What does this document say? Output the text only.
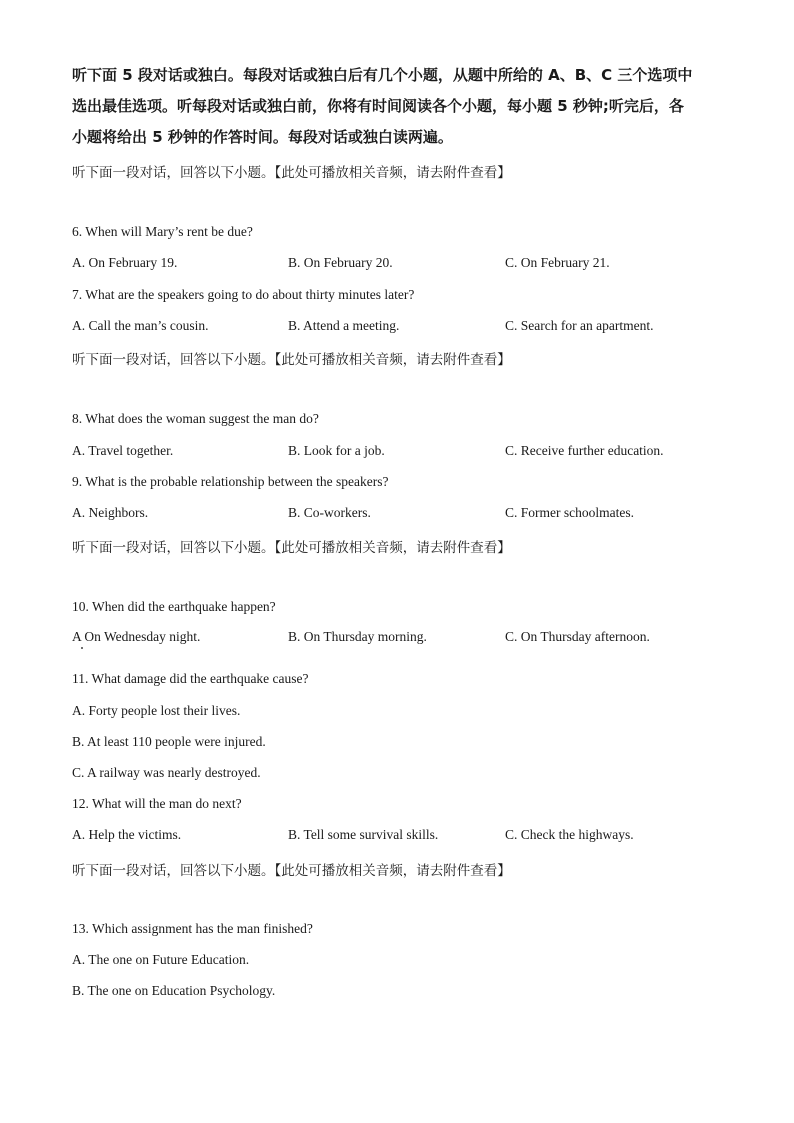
听下面 5 段对话或独白。每段对话或独白后有几个小题，从题中所给的 A、B、C 三个选项中
选出最佳选项。听每段对话或独白前，你将有时间阅读各个小题，每小题 5 秒钟;听完后，各
小题将给出 5 秒钟的作答时间。每段对话或独白读两遍。

听下面一段对话，回答以下小题。【此处可播放相关音频，请去附件查看】
6. When will Mary’s rent be due?
A. On February 19.	B. On February 20.	C. On February 21.
7. What are the speakers going to do about thirty minutes later?
A. Call the man’s cousin.	B. Attend a meeting.	C. Search for an apartment.
听下面一段对话，回答以下小题。【此处可播放相关音频，请去附件查看】
8. What does the woman suggest the man do?
A. Travel together.	B. Look for a job.	C. Receive further education.
9. What is the probable relationship between the speakers?
A. Neighbors.	B. Co-workers.	C. Former schoolmates.
听下面一段对话，回答以下小题。【此处可播放相关音频，请去附件查看】
10. When did the earthquake happen?
A On Wednesday night.	B. On Thursday morning.	C. On Thursday afternoon.
11. What damage did the earthquake cause?
A. Forty people lost their lives.
B. At least 110 people were injured.
C. A railway was nearly destroyed.
12. What will the man do next?
A. Help the victims.	B. Tell some survival skills.	C. Check the highways.
听下面一段对话，回答以下小题。【此处可播放相关音频，请去附件查看】
13. Which assignment has the man finished?
A. The one on Future Education.
B. The one on Education Psychology.
